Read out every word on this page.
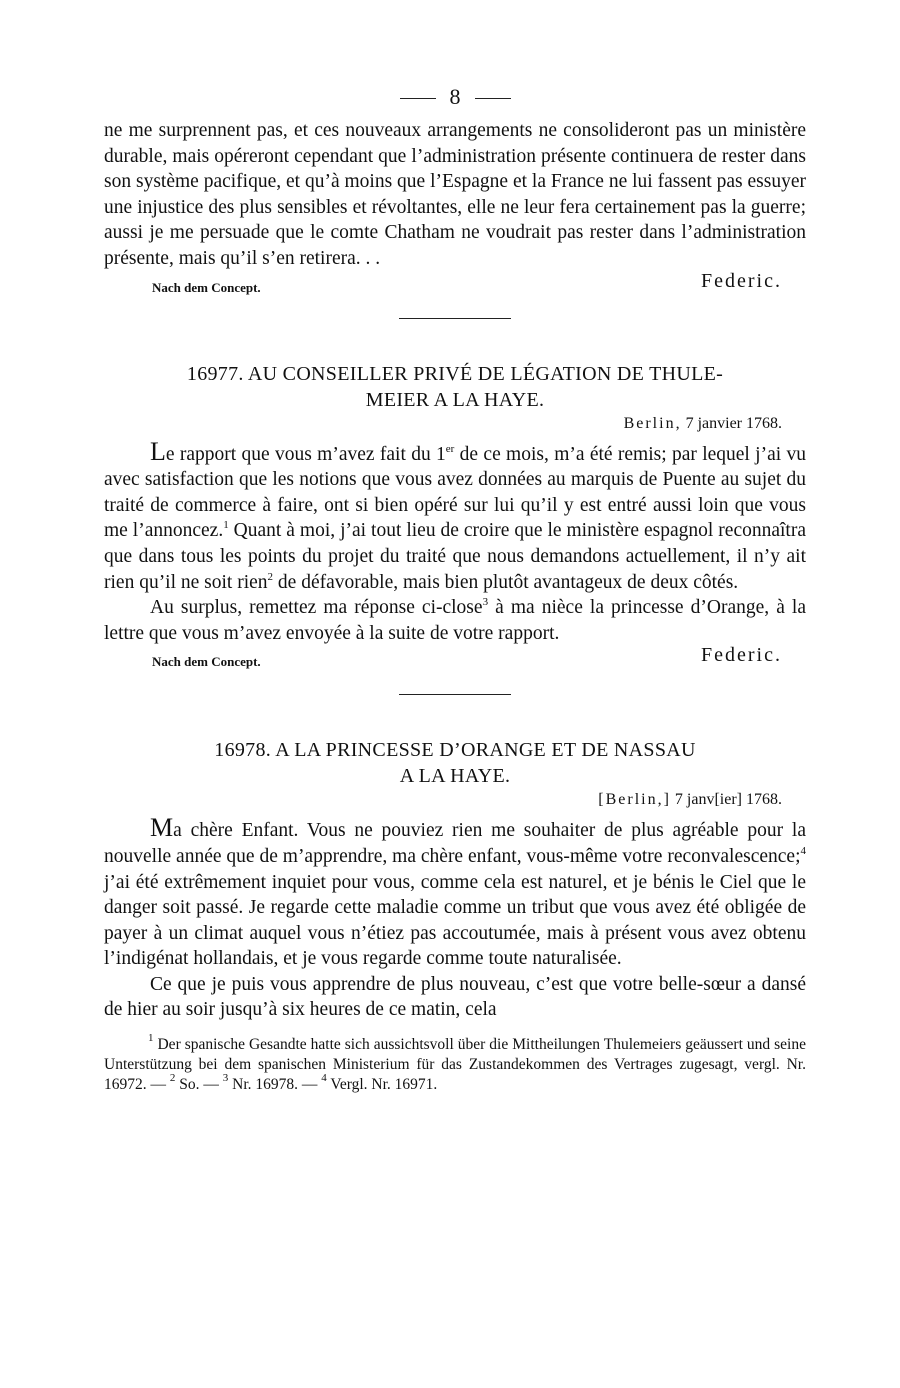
8

ne me surprennent pas, et ces nouveaux arrangements ne consolideront pas un ministère durable, mais opéreront cependant que l’administration présente continuera de rester dans son système pacifique, et qu’à moins que l’Espagne et la France ne lui fassent pas essuyer une injustice des plus sensibles et révoltantes, elle ne leur fera certainement pas la guerre; aussi je me persuade que le comte Chatham ne voudrait pas rester dans l’administration présente, mais qu’il s’en retirera. . .

Nach dem Concept.	Federic.
16977. AU CONSEILLER PRIVÉ DE LÉGATION DE THULE-
MEIER A LA HAYE.
Berlin, 7 janvier 1768.

Le rapport que vous m’avez fait du 1er de ce mois, m’a été remis; par lequel j’ai vu avec satisfaction que les notions que vous avez données au marquis de Puente au sujet du traité de commerce à faire, ont si bien opéré sur lui qu’il y est entré aussi loin que vous me l’annoncez.$^1$ Quant à moi, j’ai tout lieu de croire que le ministère espagnol reconnaîtra que dans tous les points du projet du traité que nous demandons actuellement, il n’y ait rien qu’il ne soit rien$^2$ de défavorable, mais bien plutôt avantageux de deux côtés.

Au surplus, remettez ma réponse ci-close$^3$ à ma nièce la princesse d’Orange, à la lettre que vous m’avez envoyée à la suite de votre rapport.

Nach dem Concept.	Federic.
16978. A LA PRINCESSE D’ORANGE ET DE NASSAU
A LA HAYE.
[Berlin,] 7 janv[ier] 1768.

Ma chère Enfant. Vous ne pouviez rien me souhaiter de plus agréable pour la nouvelle année que de m’apprendre, ma chère enfant, vous-même votre reconvalescence;$^4$ j’ai été extrêmement inquiet pour vous, comme cela est naturel, et je bénis le Ciel que le danger soit passé. Je regarde cette maladie comme un tribut que vous avez été obligée de payer à un climat auquel vous n’étiez pas accoutumée, mais à présent vous avez obtenu l’indigénat hollandais, et je vous regarde comme toute naturalisée.

Ce que je puis vous apprendre de plus nouveau, c’est que votre belle-sœur a dansé de hier au soir jusqu’à six heures de ce matin, cela

$^1$ Der spanische Gesandte hatte sich aussichtsvoll über die Mittheilungen Thulemeiers geäussert und seine Unterstützung bei dem spanischen Ministerium für das Zustandekommen des Vertrages zugesagt, vergl. Nr. 16972. — $^2$ So. — $^3$ Nr. 16978. — $^4$ Vergl. Nr. 16971.
